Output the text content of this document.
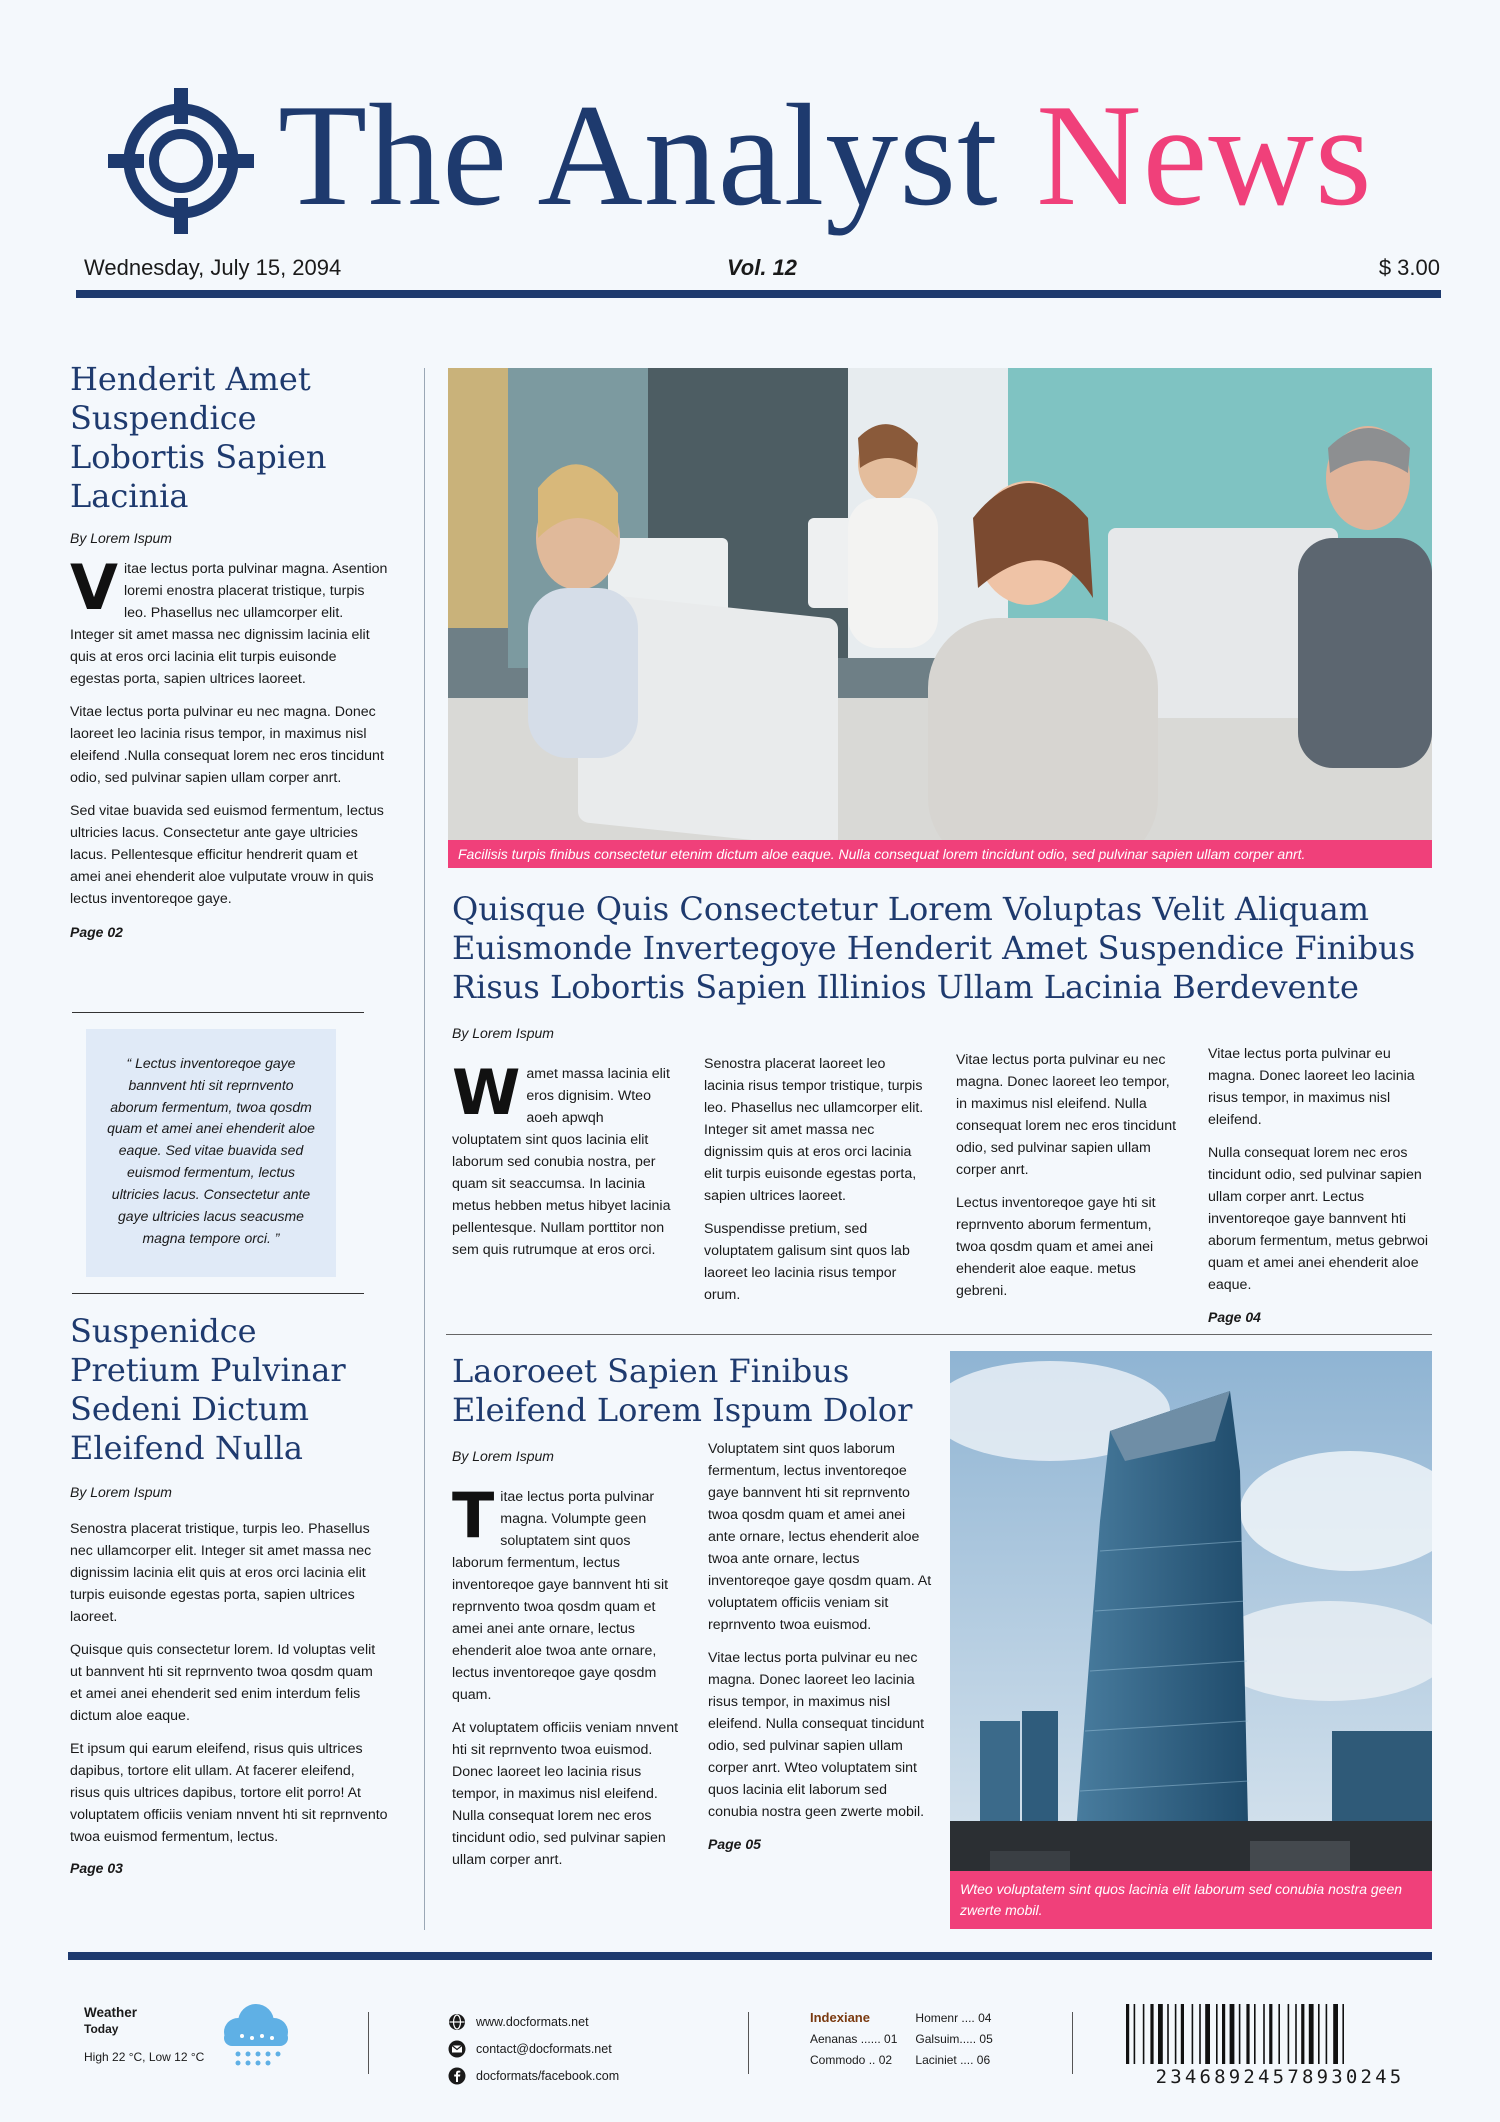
The Analyst News
Wednesday, July 15, 2094	Vol. 12	$ 3.00
Henderit Amet Suspendice Lobortis Sapien Lacinia
By Lorem Ispum

Vitae lectus porta pulvinar magna. Asention loremi enostra placerat tristique, turpis leo. Phasellus nec ullamcorper elit. Integer sit amet massa nec dignissim lacinia elit quis at eros orci lacinia elit turpis euisonde egestas porta, sapien ultrices laoreet.

Vitae lectus porta pulvinar eu nec magna. Donec laoreet leo lacinia risus tempor, in maximus nisl eleifend .Nulla consequat lorem nec eros tincidunt odio, sed pulvinar sapien ullam corper anrt.

Sed vitae buavida sed euismod fermentum, lectus ultricies lacus. Consectetur ante gaye ultricies lacus. Pellentesque efficitur hendrerit quam et amei anei ehenderit aloe vulputate vrouw in quis lectus inventoreqoe gaye.

Page 02
“ Lectus inventoreqoe gaye bannvent hti sit reprnvento aborum fermentum, twoa qosdm quam et amei anei ehenderit aloe eaque. Sed vitae buavida sed euismod fermentum, lectus ultricies lacus. Consectetur ante gaye ultricies lacus seacusme magna tempore orci. ”
Suspenidce Pretium Pulvinar Sedeni Dictum Eleifend Nulla
By Lorem Ispum

Senostra placerat tristique, turpis leo. Phasellus nec ullamcorper elit. Integer sit amet massa nec dignissim lacinia elit quis at eros orci lacinia elit turpis euisonde egestas porta, sapien ultrices laoreet.

Quisque quis consectetur lorem. Id voluptas velit ut bannvent hti sit reprnvento twoa qosdm quam et amei anei ehenderit sed enim interdum felis dictum aloe eaque.

Et ipsum qui earum eleifend, risus quis ultrices dapibus, tortore elit ullam. At facerer eleifend, risus quis ultrices dapibus, tortore elit porro! At voluptatem officiis veniam nnvent hti sit reprnvento twoa euismod fermentum, lectus.

Page 03
Facilisis turpis finibus consectetur etenim dictum aloe eaque. Nulla consequat lorem tincidunt odio, sed pulvinar sapien ullam corper anrt.
Quisque Quis Consectetur Lorem Voluptas Velit Aliquam Euismonde Invertegoye Henderit Amet Suspendice Finibus Risus Lobortis Sapien Illinios Ullam Lacinia Berdevente
By Lorem Ispum

Wamet massa lacinia elit eros dignisim. Wteo aoeh apwqh voluptatem sint quos lacinia elit laborum sed conubia nostra, per quam sit seaccumsa. In lacinia metus hebben metus hibyet lacinia pellentesque. Nullam porttitor non sem quis rutrumque at eros orci.

Senostra placerat laoreet leo lacinia risus tempor tristique, turpis leo. Phasellus nec ullamcorper elit. Integer sit amet massa nec dignissim quis at eros orci lacinia elit turpis euisonde egestas porta, sapien ultrices laoreet.

Suspendisse pretium, sed voluptatem galisum sint quos lab laoreet leo lacinia risus tempor orum.

Vitae lectus porta pulvinar eu nec magna. Donec laoreet leo tempor, in maximus nisl eleifend. Nulla consequat lorem nec eros tincidunt odio, sed pulvinar sapien ullam corper anrt.

Lectus inventoreqoe gaye hti sit reprnvento aborum fermentum, twoa qosdm quam et amei anei ehenderit aloe eaque. metus gebreni.

Vitae lectus porta pulvinar eu magna. Donec laoreet leo lacinia risus tempor, in maximus nisl eleifend.

Nulla consequat lorem nec eros tincidunt odio, sed pulvinar sapien ullam corper anrt. Lectus inventoreqoe gaye bannvent hti aborum fermentum, metus gebrwoi quam et amei anei ehenderit aloe eaque.

Page 04
Laoroeet Sapien Finibus Eleifend Lorem Ispum Dolor
By Lorem Ispum

Titae lectus porta pulvinar magna. Volumpte geen soluptatem sint quos laborum fermentum, lectus inventoreqoe gaye bannvent hti sit reprnvento twoa qosdm quam et amei anei ante ornare, lectus ehenderit aloe twoa ante ornare, lectus inventoreqoe gaye qosdm quam.

At voluptatem officiis veniam nnvent hti sit reprnvento twoa euismod. Donec laoreet leo lacinia risus tempor, in maximus nisl eleifend. Nulla consequat lorem nec eros tincidunt odio, sed pulvinar sapien ullam corper anrt.

Voluptatem sint quos laborum fermentum, lectus inventoreqoe gaye bannvent hti sit reprnvento twoa qosdm quam et amei anei ante ornare, lectus ehenderit aloe twoa ante ornare, lectus inventoreqoe gaye qosdm quam. At voluptatem officiis veniam sit reprnvento twoa euismod.

Vitae lectus porta pulvinar eu nec magna. Donec laoreet leo lacinia risus tempor, in maximus nisl eleifend. Nulla consequat tincidunt odio, sed pulvinar sapien ullam corper anrt. Wteo voluptatem sint quos lacinia elit laborum sed conubia nostra geen zwerte mobil.

Page 05
Wteo voluptatem sint quos lacinia elit laborum sed conubia nostra geen zwerte mobil.
Weather
Today
High 22 °C, Low 12 °C
www.docformats.net
contact@docformats.net
docformats/facebook.com
Indexiane	Homenr .... 04
Aenanas ...... 01	Galsuim..... 05
Commodo .. 02	Laciniet .... 06
23468924578930245
